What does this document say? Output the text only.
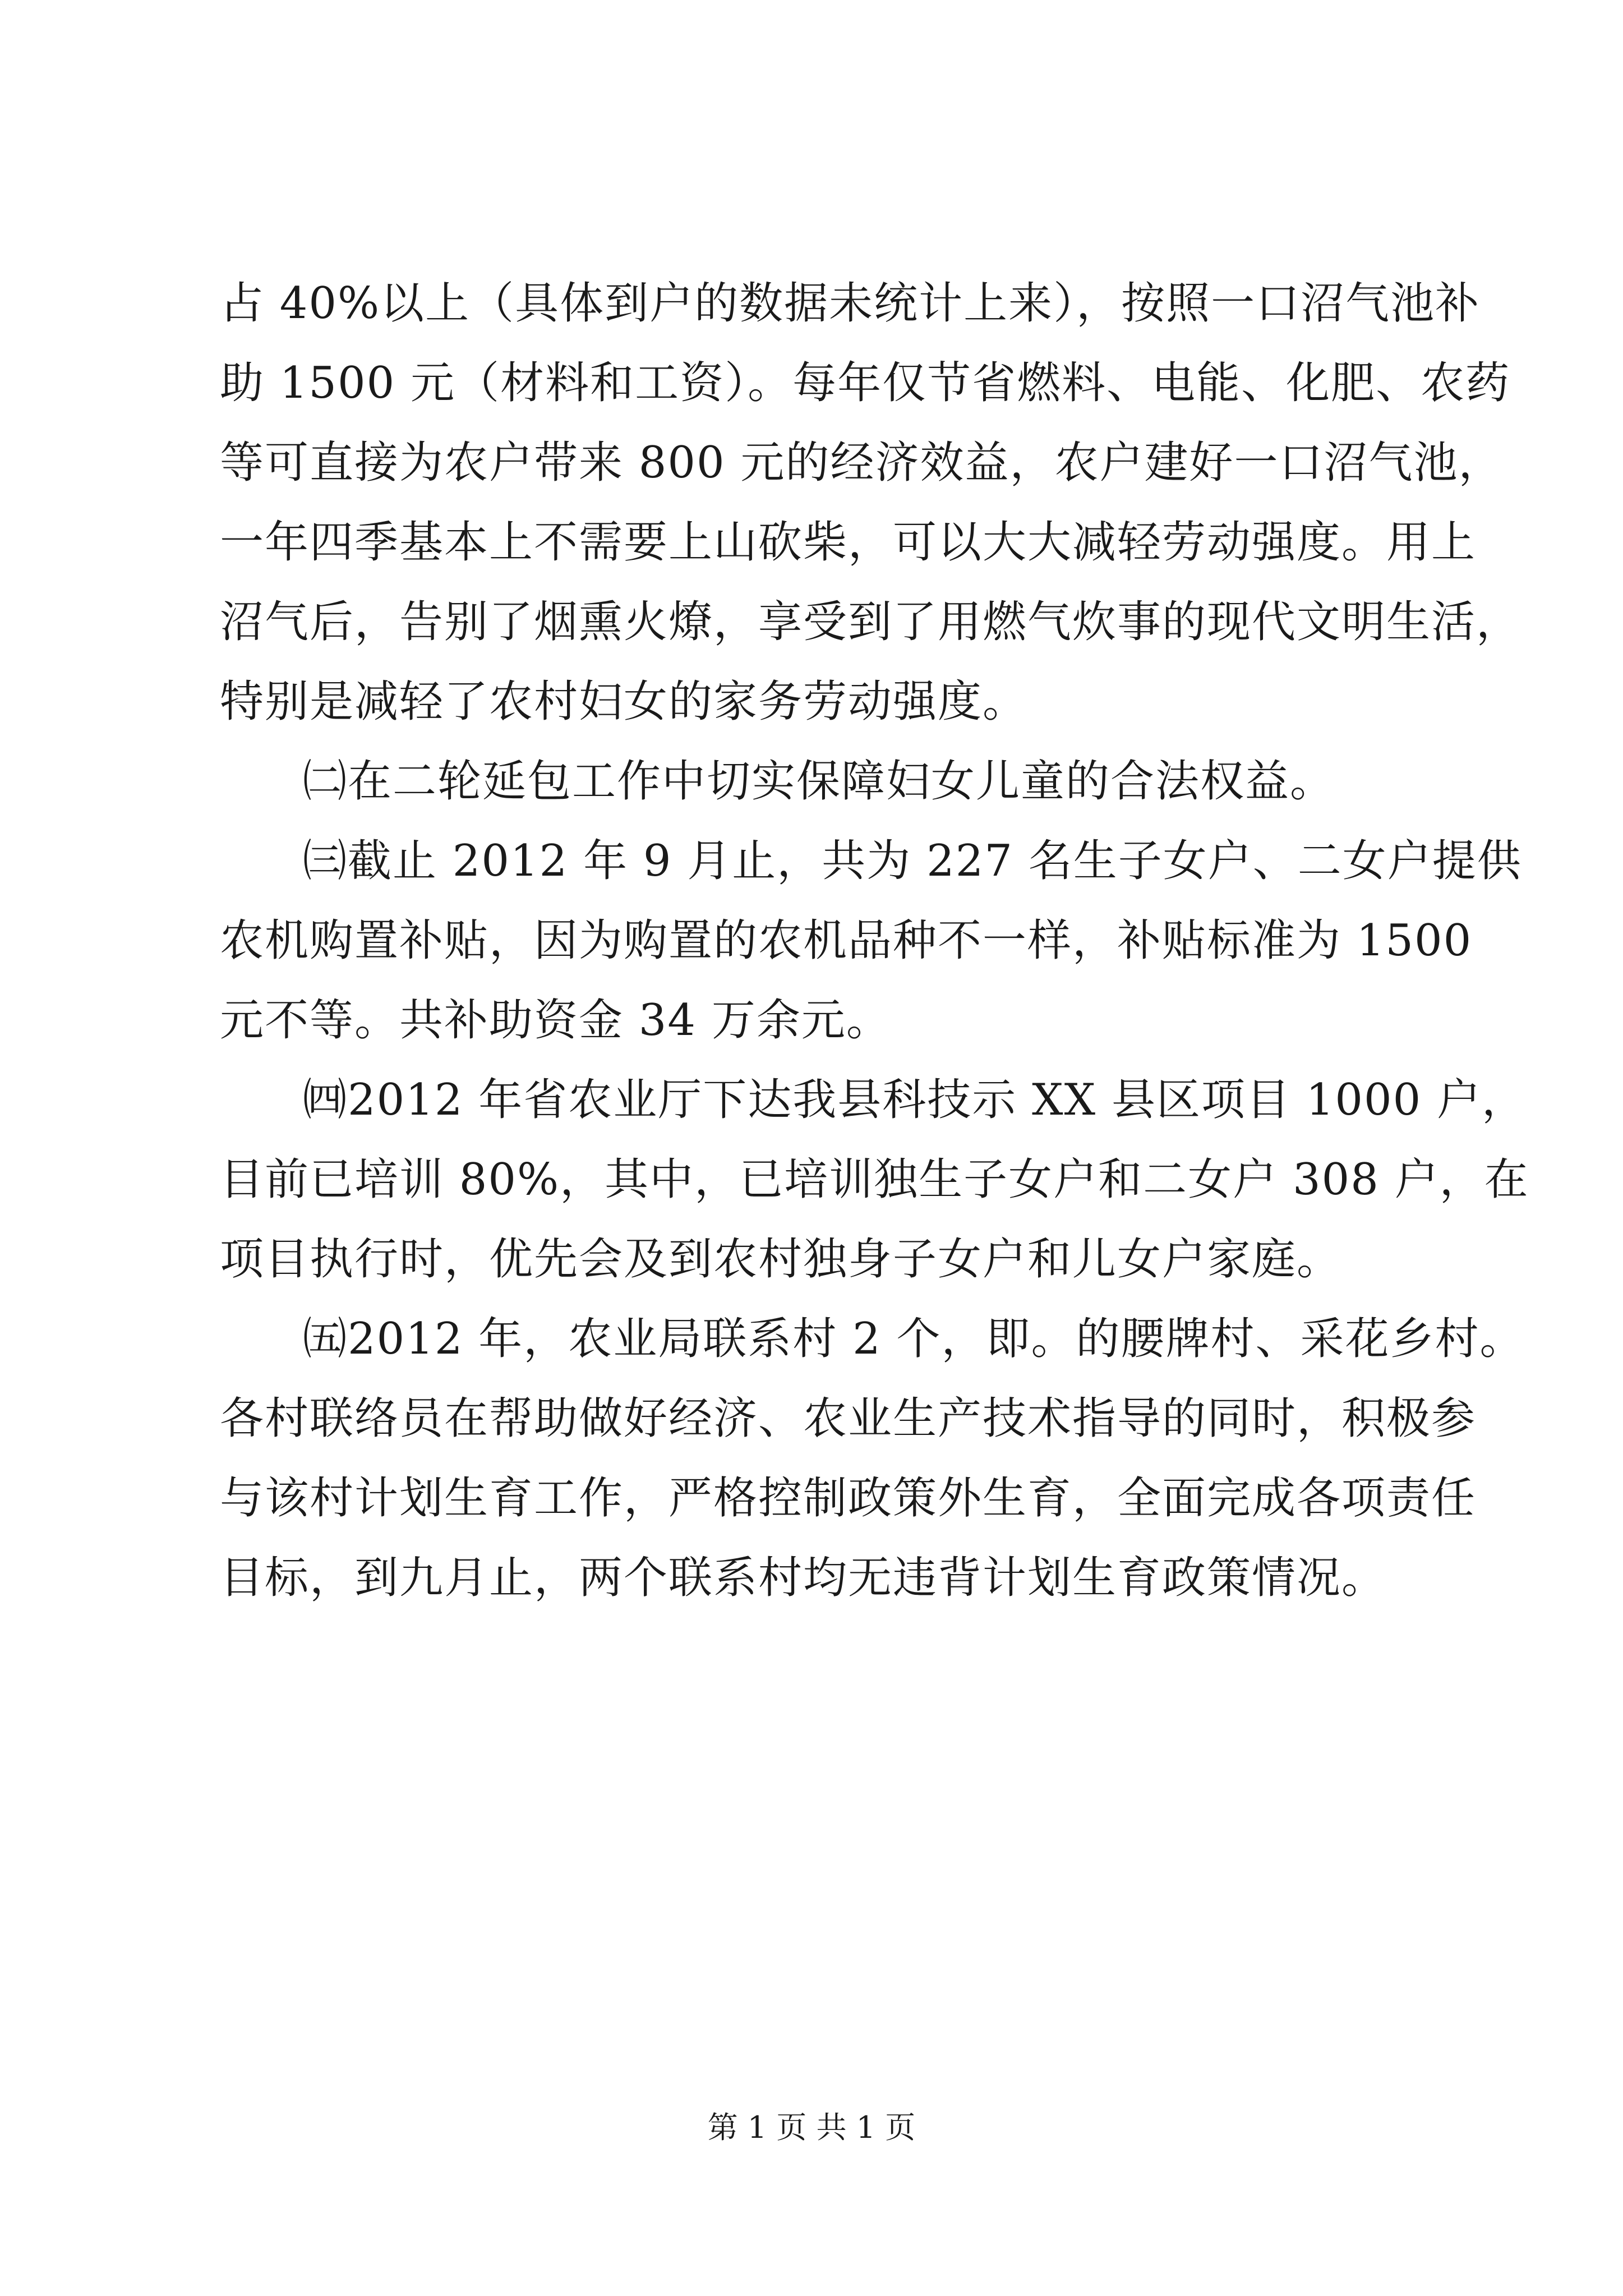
占 40%以上（具体到户的数据未统计上来），按照一口沼气池补
助 1500 元（材料和工资）。每年仅节省燃料、电能、化肥、农药
等可直接为农户带来 800 元的经济效益，农户建好一口沼气池，
一年四季基本上不需要上山砍柴，可以大大减轻劳动强度。用上
沼气后，告别了烟熏火燎，享受到了用燃气炊事的现代文明生活，
特别是减轻了农村妇女的家务劳动强度。
㈡在二轮延包工作中切实保障妇女儿童的合法权益。
㈢截止 2012 年 9 月止，共为 227 名生子女户、二女户提供
农机购置补贴，因为购置的农机品种不一样，补贴标准为 1500
元不等。共补助资金 34 万余元。
㈣2012 年省农业厅下达我县科技示 XX 县区项目 1000 户，
目前已培训 80%，其中，已培训独生子女户和二女户 308 户，在
项目执行时，优先会及到农村独身子女户和儿女户家庭。
㈤2012 年，农业局联系村 2 个，即。的腰牌村、采花乡村。
各村联络员在帮助做好经济、农业生产技术指导的同时，积极参
与该村计划生育工作，严格控制政策外生育，全面完成各项责任
目标，到九月止，两个联系村均无违背计划生育政策情况。
第 1 页 共 1 页
